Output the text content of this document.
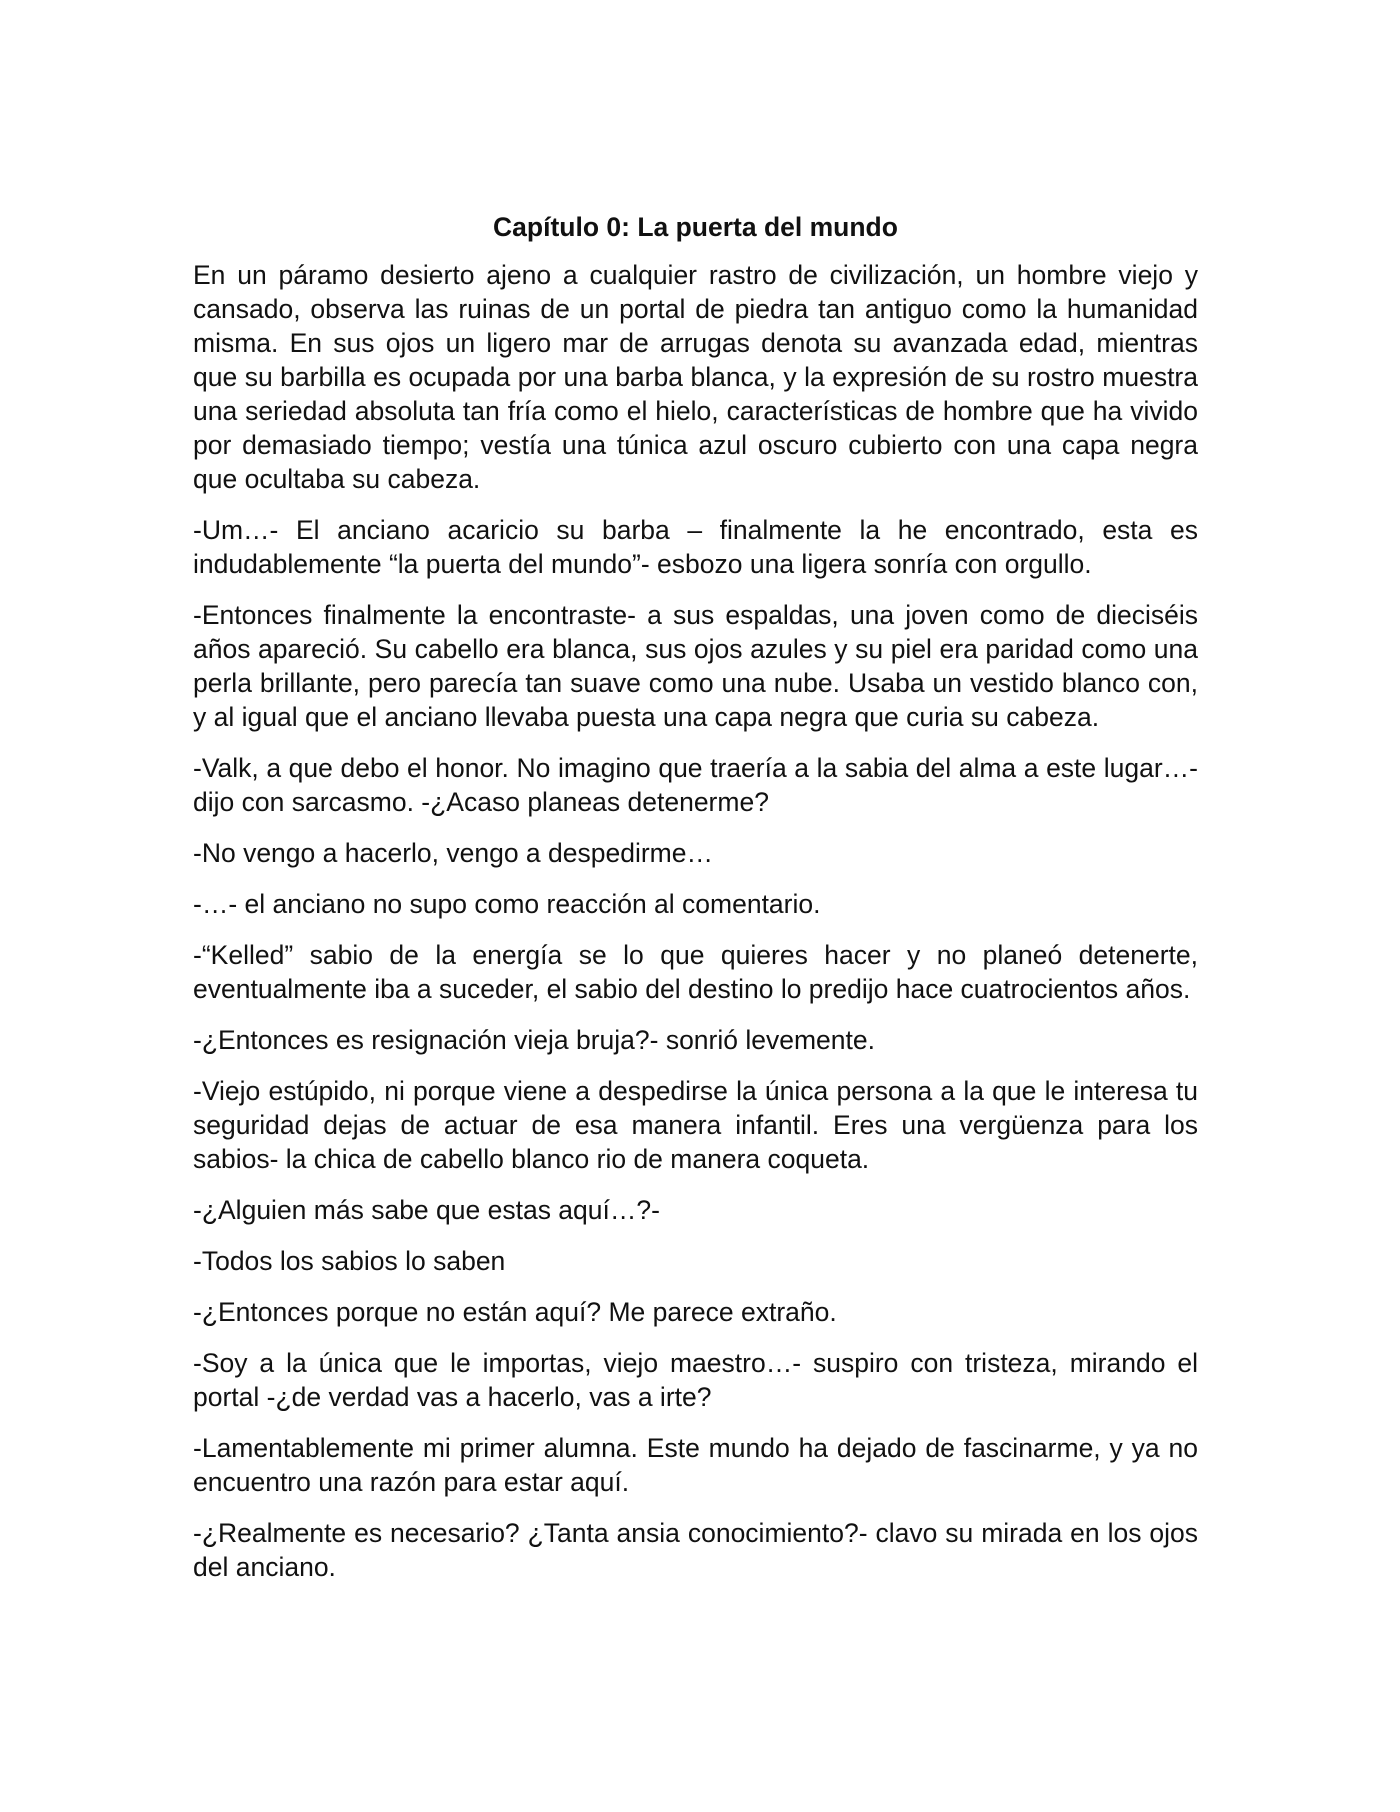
Capítulo 0: La puerta del mundo

En un páramo desierto ajeno a cualquier rastro de civilización, un hombre viejo y cansado, observa las ruinas de un portal de piedra tan antiguo como la humanidad misma. En sus ojos un ligero mar de arrugas denota su avanzada edad, mientras que su barbilla es ocupada por una barba blanca, y la expresión de su rostro muestra una seriedad absoluta tan fría como el hielo, características de hombre que ha vivido por demasiado tiempo; vestía una túnica azul oscuro cubierto con una capa negra que ocultaba su cabeza.

-Um…- El anciano acaricio su barba – finalmente la he encontrado, esta es indudablemente “la puerta del mundo”- esbozo una ligera sonría con orgullo.

-Entonces finalmente la encontraste- a sus espaldas, una joven como de dieciséis años apareció. Su cabello era blanca, sus ojos azules y su piel era paridad como una perla brillante, pero parecía tan suave como una nube. Usaba un vestido blanco con, y al igual que el anciano llevaba puesta una capa negra que curia su cabeza.

-Valk, a que debo el honor. No imagino que traería a la sabia del alma a este lugar…- dijo con sarcasmo. -¿Acaso planeas detenerme?

-No vengo a hacerlo, vengo a despedirme…

-…- el anciano no supo como reacción al comentario.

-“Kelled” sabio de la energía se lo que quieres hacer y no planeó detenerte, eventualmente iba a suceder, el sabio del destino lo predijo hace cuatrocientos años.

-¿Entonces es resignación vieja bruja?- sonrió levemente.

-Viejo estúpido, ni porque viene a despedirse la única persona a la que le interesa tu seguridad dejas de actuar de esa manera infantil. Eres una vergüenza para los sabios- la chica de cabello blanco rio de manera coqueta.

-¿Alguien más sabe que estas aquí…?-

-Todos los sabios lo saben

-¿Entonces porque no están aquí? Me parece extraño.

-Soy a la única que le importas, viejo maestro…- suspiro con tristeza, mirando el portal -¿de verdad vas a hacerlo, vas a irte?

-Lamentablemente mi primer alumna. Este mundo ha dejado de fascinarme, y ya no encuentro una razón para estar aquí.

-¿Realmente es necesario? ¿Tanta ansia conocimiento?- clavo su mirada en los ojos del anciano.
